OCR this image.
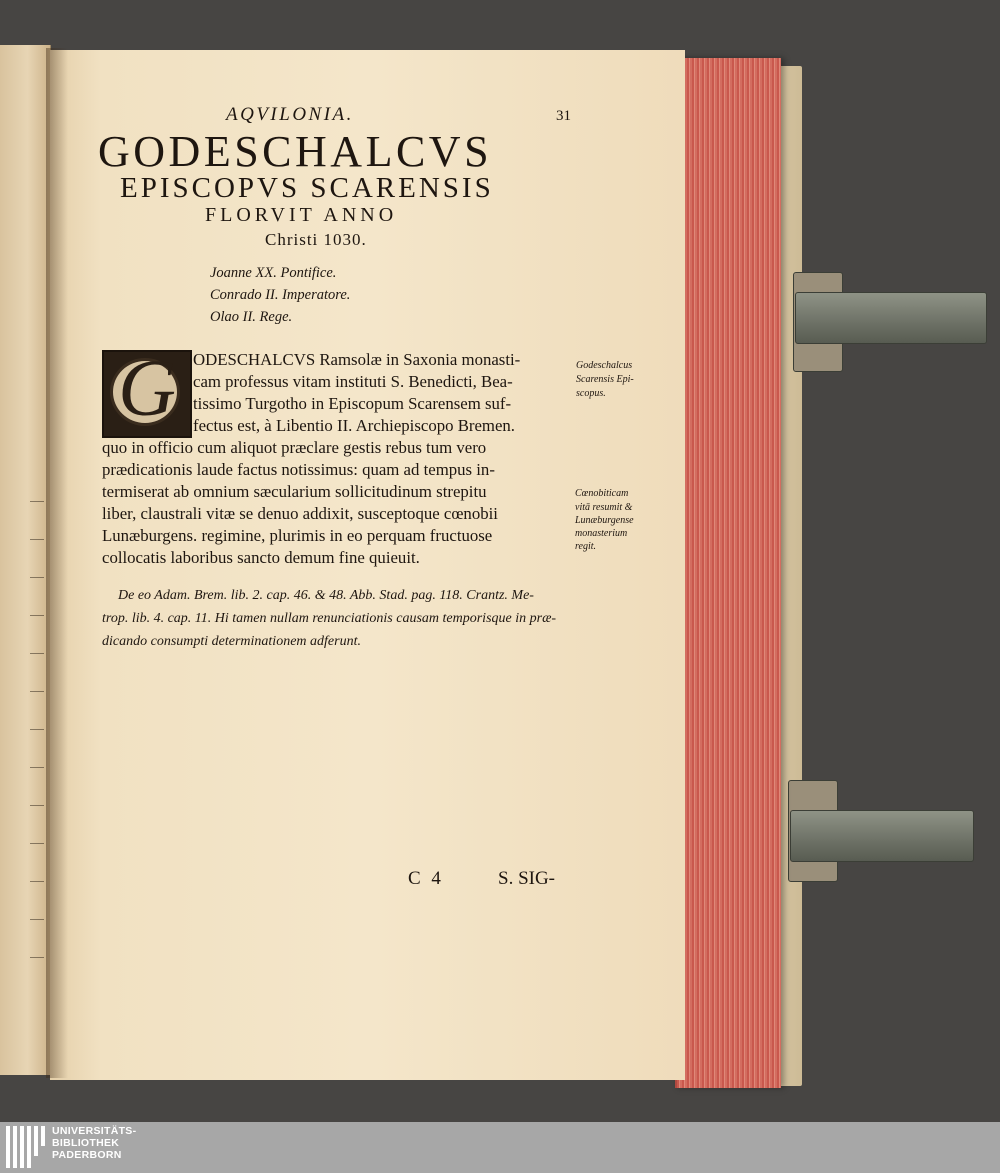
AQVILONIA.	31
GODESCHALCVS
EPISCOPVS SCARENSIS
FLORVIT ANNO
Christi 1030.
Joanne XX. Pontifice.
Conrado II. Imperatore.
Olao II. Rege.
G	ODESCHALCVS Ramsolæ in Saxonia monasti-
cam professus vitam instituti S. Benedicti, Bea-
tissimo Turgotho in Episcopum Scarensem suf-
fectus est, à Libentio II. Archiepiscopo Bremen.
quo in officio cum aliquot præclare gestis rebus tum vero
prædicationis laude factus notissimus: quam ad tempus in-
termiserat ab omnium sæcularium sollicitudinum strepitu
liber, claustrali vitæ se denuo addixit, susceptoque cœnobii
Lunæburgens. regimine, plurimis in eo perquam fructuose
collocatis laboribus sancto demum fine quieuit.
Godeschalcus
Scarensis Epi-
scopus.
Cœnobiticam
vitā resumit &
Lunæburgense
monasterium
regit.
De eo Adam. Brem. lib. 2. cap. 46. & 48. Abb. Stad. pag. 118. Crantz. Me-
trop. lib. 4. cap. 11. Hi tamen nullam renunciationis causam temporisque in præ-
dicando consumpti determinationem adferunt.
C 4	S. SIG-
UNIVERSITÄTS-
BIBLIOTHEK
PADERBORN
